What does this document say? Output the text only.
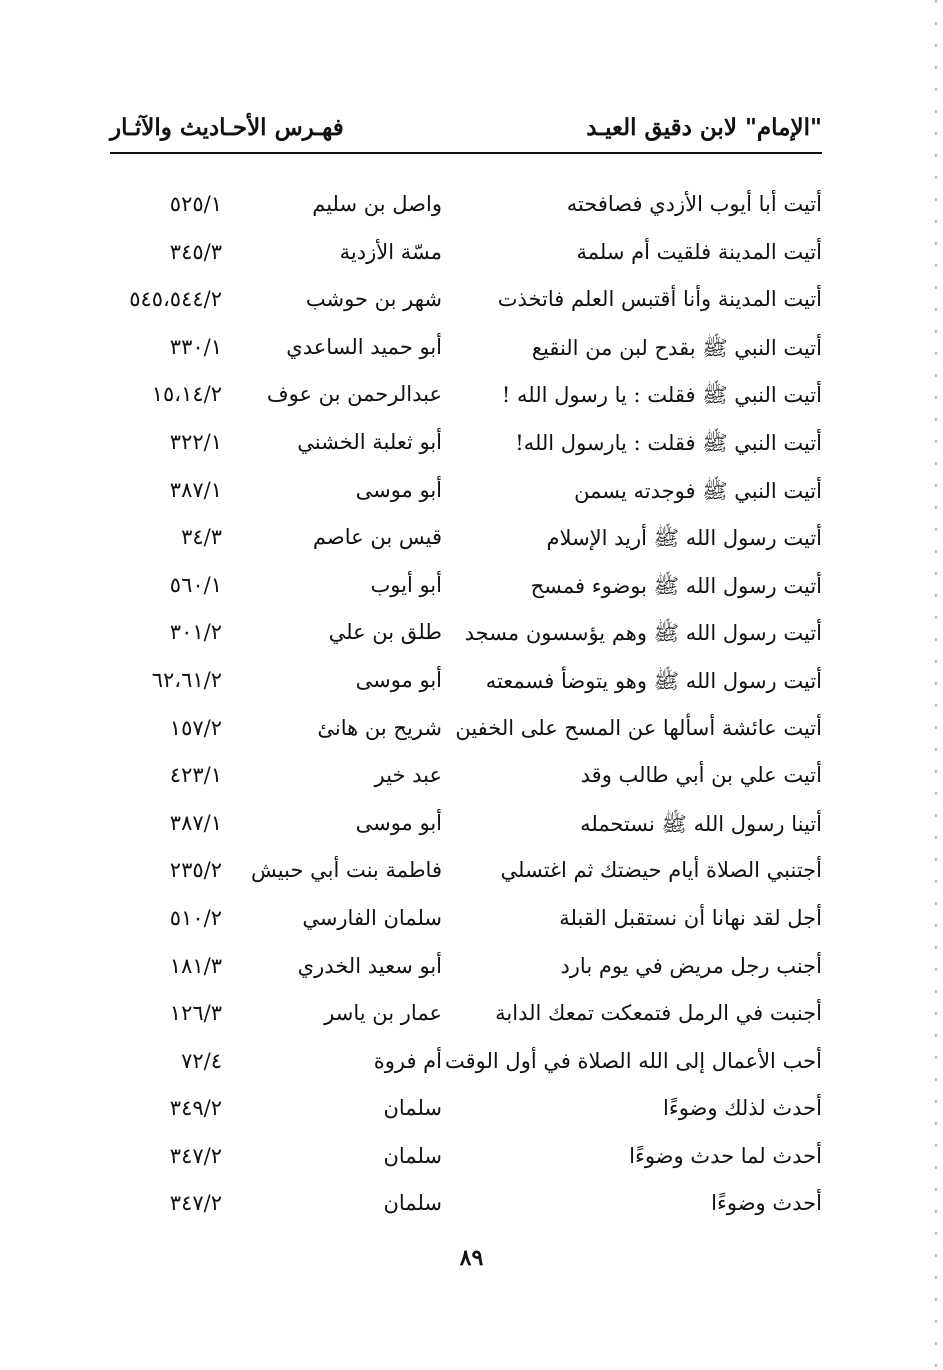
"الإمام" لابن دقيق العيـد
فهـرس الأحـاديث والآثـار
أتيت أبا أيوب الأزدي فصافحته
واصل بن سليم
٥٢٥/١
أتيت المدينة فلقيت أم سلمة
مسّة الأزدية
٣٤٥/٣
أتيت المدينة وأنا أقتبس العلم فاتخذت
شهر بن حوشب
٥٤٥،٥٤٤/٢
أتيت النبي ﷺ بقدح لبن من النقيع
أبو حميد الساعدي
٣٣٠/١
أتيت النبي ﷺ فقلت : يا رسول الله !
عبدالرحمن بن عوف
١٥،١٤/٢
أتيت النبي ﷺ فقلت : يارسول الله!
أبو ثعلبة الخشني
٣٢٢/١
أتيت النبي ﷺ فوجدته يسمن
أبو موسى
٣٨٧/١
أتيت رسول الله ﷺ أريد الإسلام
قيس بن عاصم
٣٤/٣
أتيت رسول الله ﷺ بوضوء فمسح
أبو أيوب
٥٦٠/١
أتيت رسول الله ﷺ وهم يؤسسون مسجد
طلق بن علي
٣٠١/٢
أتيت رسول الله ﷺ وهو يتوضأ فسمعته
أبو موسى
٦٢،٦١/٢
أتيت عائشة أسألها عن المسح على الخفين
شريح بن هانئ
١٥٧/٢
أتيت علي بن أبي طالب وقد
عبد خير
٤٢٣/١
أتينا رسول الله ﷺ نستحمله
أبو موسى
٣٨٧/١
أجتنبي الصلاة أيام حيضتك ثم اغتسلي
فاطمة بنت أبي حبيش
٢٣٥/٢
أجل لقد نهانا أن نستقبل القبلة
سلمان الفارسي
٥١٠/٢
أجنب رجل مريض في يوم بارد
أبو سعيد الخدري
١٨١/٣
أجنبت في الرمل فتمعكت تمعك الدابة
عمار بن ياسر
١٢٦/٣
أحب الأعمال إلى الله الصلاة في أول الوقت
أم فروة
٧٢/٤
أحدث لذلك وضوءًا
سلمان
٣٤٩/٢
أحدث لما حدث وضوءًا
سلمان
٣٤٧/٢
أحدث وضوءًا
سلمان
٣٤٧/٢
٨٩
